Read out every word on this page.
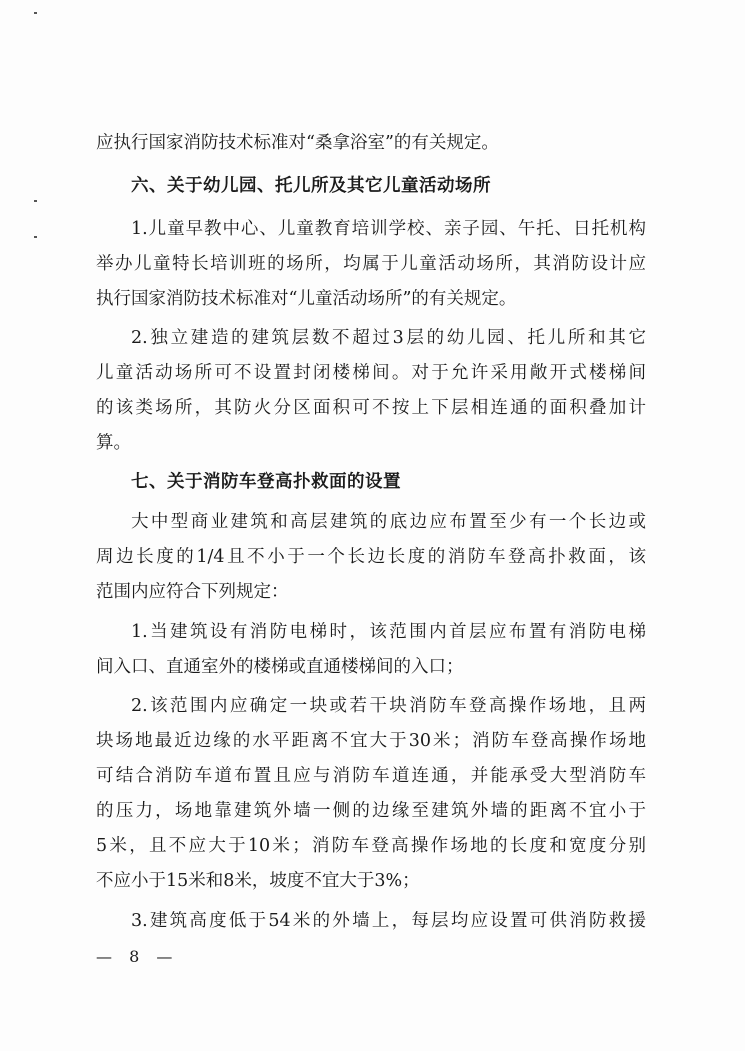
应执行国家消防技术标准对“桑拿浴室”的有关规定。
六、关于幼儿园、托儿所及其它儿童活动场所
1.儿童早教中心、儿童教育培训学校、亲子园、午托、日托机构
举办儿童特长培训班的场所，均属于儿童活动场所，其消防设计应
执行国家消防技术标准对“儿童活动场所”的有关规定。
2.独立建造的建筑层数不超过3层的幼儿园、托儿所和其它
儿童活动场所可不设置封闭楼梯间。对于允许采用敞开式楼梯间
的该类场所，其防火分区面积可不按上下层相连通的面积叠加计
算。
七、关于消防车登高扑救面的设置
大中型商业建筑和高层建筑的底边应布置至少有一个长边或
周边长度的1/4且不小于一个长边长度的消防车登高扑救面，该
范围内应符合下列规定：
1.当建筑设有消防电梯时，该范围内首层应布置有消防电梯
间入口、直通室外的楼梯或直通楼梯间的入口；
2.该范围内应确定一块或若干块消防车登高操作场地，且两
块场地最近边缘的水平距离不宜大于30米；消防车登高操作场地
可结合消防车道布置且应与消防车道连通，并能承受大型消防车
的压力，场地靠建筑外墙一侧的边缘至建筑外墙的距离不宜小于
5米，且不应大于10米；消防车登高操作场地的长度和宽度分别
不应小于15米和8米，坡度不宜大于3%；
3.建筑高度低于54米的外墙上，每层均应设置可供消防救援
— 8 —
